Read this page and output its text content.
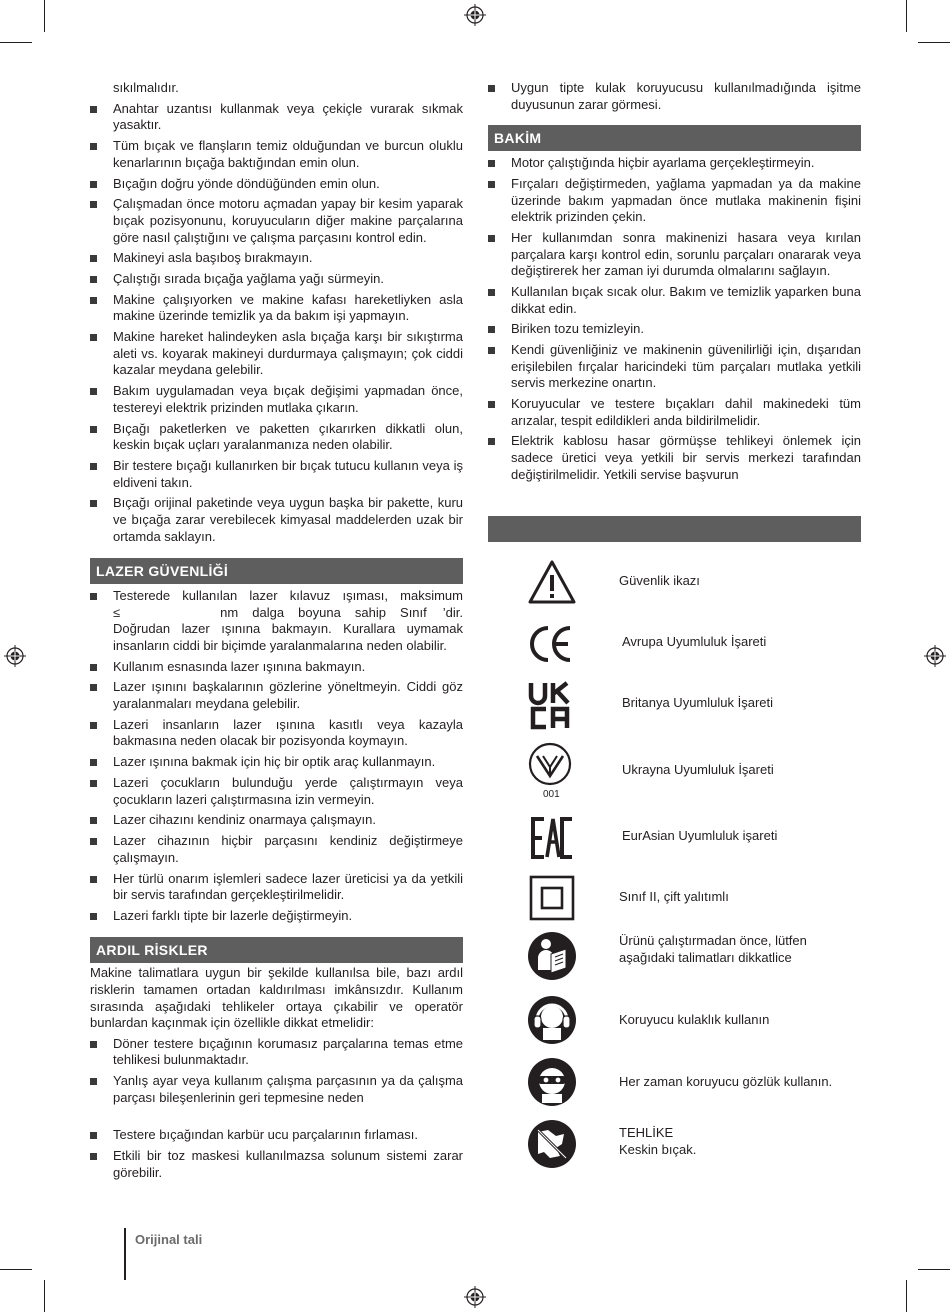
sıkılmalıdır.
Anahtar uzantısı kullanmak veya çekiçle vurarak sıkmak yasaktır.
Tüm bıçak ve flanşların temiz olduğundan ve burcun oluklu kenarlarının bıçağa baktığından emin olun.
Bıçağın doğru yönde döndüğünden emin olun.
Çalışmadan önce motoru açmadan yapay bir kesim yaparak bıçak pozisyonunu, koruyucuların diğer makine parçalarına göre nasıl çalıştığını ve çalışma parçasını kontrol edin.
Makineyi asla başıboş bırakmayın.
Çalıştığı sırada bıçağa yağlama yağı sürmeyin.
Makine çalışıyorken ve makine kafası hareketliyken asla makine üzerinde temizlik ya da bakım işi yapmayın.
Makine hareket halindeyken asla bıçağa karşı bir sıkıştırma aleti vs. koyarak makineyi durdurmaya çalışmayın; çok ciddi kazalar meydana gelebilir.
Bakım uygulamadan veya bıçak değişimi yapmadan önce, testereyi elektrik prizinden mutlaka çıkarın.
Bıçağı paketlerken ve paketten çıkarırken dikkatli olun, keskin bıçak uçları yaralanmanıza neden olabilir.
Bir testere bıçağı kullanırken bir bıçak tutucu kullanın veya iş eldiveni takın.
Bıçağı orijinal paketinde veya uygun başka bir pakette, kuru ve bıçağa zarar verebilecek kimyasal maddelerden uzak bir ortamda saklayın.
LAZER GÜVENLİĞİ
Testerede kullanılan lazer kılavuz ışıması, maksimum
≤	nm dalga boyuna sahip Sınıf	’dir.
Doğrudan lazer ışınına bakmayın. Kurallara uymamak insanların ciddi bir biçimde yaralanmalarına neden olabilir.
Kullanım esnasında lazer ışınına bakmayın.
Lazer ışınını başkalarının gözlerine yöneltmeyin. Ciddi göz yaralanmaları meydana gelebilir.
Lazeri insanların lazer ışınına kasıtlı veya kazayla bakmasına neden olacak bir pozisyonda koymayın.
Lazer ışınına bakmak için hiç bir optik araç kullanmayın.
Lazeri çocukların bulunduğu yerde çalıştırmayın veya çocukların lazeri çalıştırmasına izin vermeyin.
Lazer cihazını kendiniz onarmaya çalışmayın.
Lazer cihazının hiçbir parçasını kendiniz değiştirmeye çalışmayın.
Her türlü onarım işlemleri sadece lazer üreticisi ya da yetkili bir servis tarafından gerçekleştirilmelidir.
Lazeri farklı tipte bir lazerle değiştirmeyin.
ARDIL RİSKLER

Makine talimatlara uygun bir şekilde kullanılsa bile, bazı ardıl risklerin tamamen ortadan kaldırılması imkânsızdır. Kullanım sırasında aşağıdaki tehlikeler ortaya çıkabilir ve operatör bunlardan kaçınmak için özellikle dikkat etmelidir:

Döner testere bıçağının korumasız parçalarına temas etme tehlikesi bulunmaktadır.
Yanlış ayar veya kullanım çalışma parçasının ya da çalışma parçası bileşenlerinin geri tepmesine neden
Testere bıçağından karbür ucu parçalarının fırlaması.
Etkili bir toz maskesi kullanılmazsa solunum sistemi zarar görebilir.
Uygun tipte kulak koruyucusu kullanılmadığında işitme duyusunun zarar görmesi.
BAKİM
Motor çalıştığında hiçbir ayarlama gerçekleştirmeyin.
Fırçaları değiştirmeden, yağlama yapmadan ya da makine üzerinde bakım yapmadan önce mutlaka makinenin fişini elektrik prizinden çekin.
Her kullanımdan sonra makinenizi hasara veya kırılan parçalara karşı kontrol edin, sorunlu parçaları onararak veya değiştirerek her zaman iyi durumda olmalarını sağlayın.
Kullanılan bıçak sıcak olur. Bakım ve temizlik yaparken buna dikkat edin.
Biriken tozu temizleyin.
Kendi güvenliğiniz ve makinenin güvenilirliği için, dışarıdan erişilebilen fırçalar haricindeki tüm parçaları mutlaka yetkili servis merkezine onartın.
Koruyucular ve testere bıçakları dahil makinedeki tüm arızalar, tespit edildikleri anda bildirilmelidir.
Elektrik kablosu hasar görmüşse tehlikeyi önlemek için sadece üretici veya yetkili bir servis merkezi tarafından değiştirilmelidir. Yetkili servise başvurun
Güvenlik ikazı
Avrupa Uyumluluk İşareti
Britanya Uyumluluk İşareti
001
Ukrayna Uyumluluk İşareti
EurAsian Uyumluluk işareti
Sınıf II, çift yalıtımlı
Ürünü çalıştırmadan önce, lütfen
aşağıdaki talimatları dikkatlice
Koruyucu kulaklık kullanın
Her zaman koruyucu gözlük kullanın.
TEHLİKE
Keskin bıçak.
Orijinal tali
